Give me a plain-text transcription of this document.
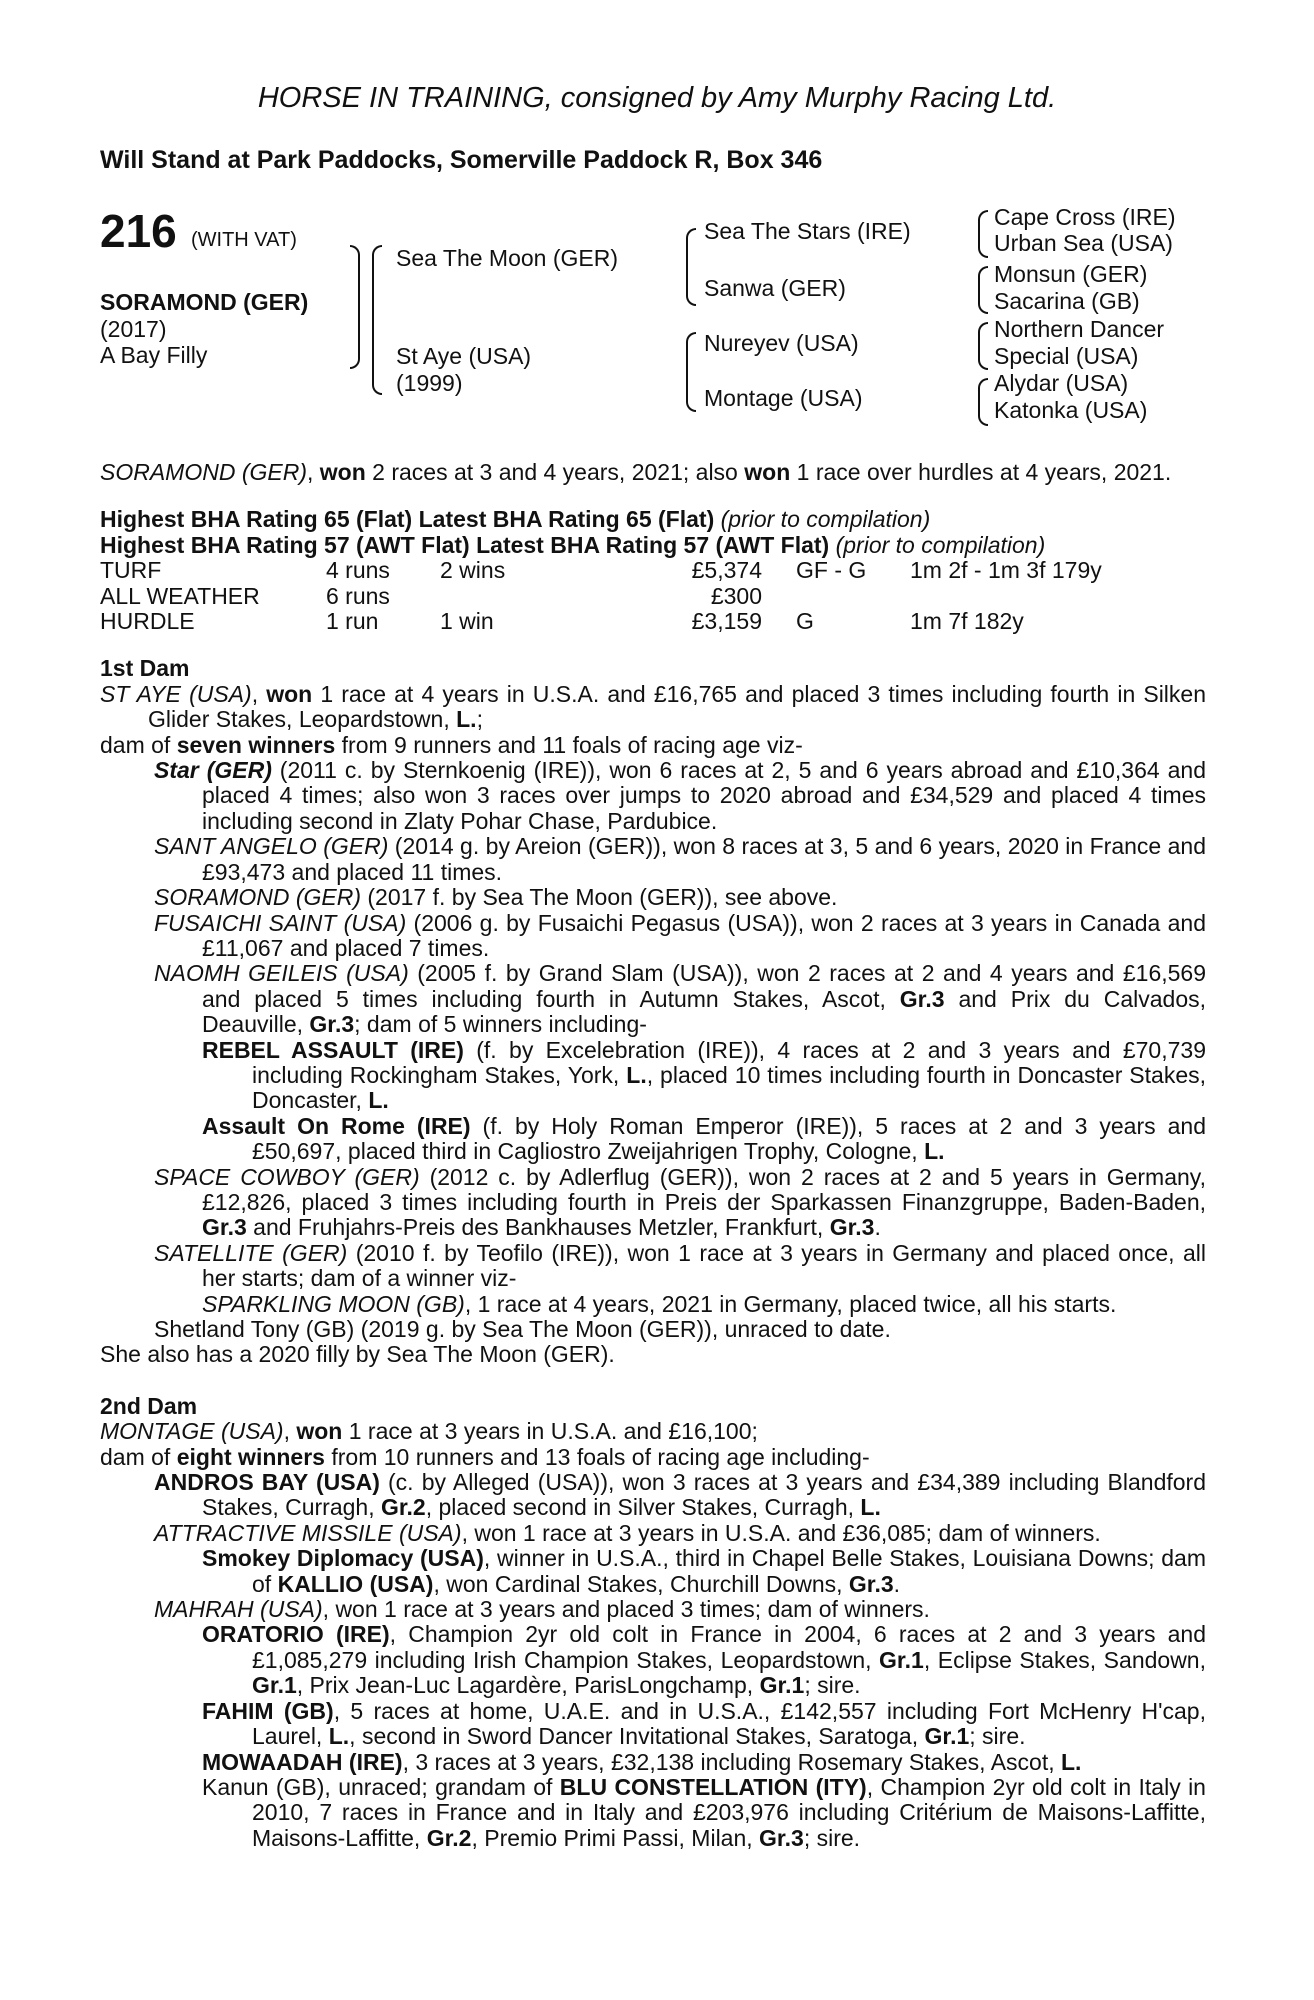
HORSE IN TRAINING, consigned by Amy Murphy Racing Ltd.
Will Stand at Park Paddocks, Somerville Paddock R, Box 346
216 (WITH VAT)
SORAMOND (GER)
(2017)
A Bay Filly
Sea The Moon (GER)
St Aye (USA)
(1999)
Sea The Stars (IRE)
Sanwa (GER)
Nureyev (USA)
Montage (USA)
Cape Cross (IRE)
Urban Sea (USA)
Monsun (GER)
Sacarina (GB)
Northern Dancer
Special (USA)
Alydar (USA)
Katonka (USA)

SORAMOND (GER), won 2 races at 3 and 4 years, 2021; also won 1 race over hurdles at 4 years, 2021.

Highest BHA Rating 65 (Flat) Latest BHA Rating 65 (Flat) (prior to compilation)

Highest BHA Rating 57 (AWT Flat) Latest BHA Rating 57 (AWT Flat) (prior to compilation)

TURF	4 runs	2 wins	£5,374	GF - G	1m 2f - 1m 3f 179y
ALL WEATHER	6 runs		£300		
HURDLE	1 run	1 win	£3,159	G	1m 7f 182y

1st Dam

ST AYE (USA), won 1 race at 4 years in U.S.A. and £16,765 and placed 3 times including fourth in Silken Glider Stakes, Leopardstown, L.;

dam of seven winners from 9 runners and 11 foals of racing age viz-

Star (GER) (2011 c. by Sternkoenig (IRE)), won 6 races at 2, 5 and 6 years abroad and £10,364 and placed 4 times; also won 3 races over jumps to 2020 abroad and £34,529 and placed 4 times including second in Zlaty Pohar Chase, Pardubice.

SANT ANGELO (GER) (2014 g. by Areion (GER)), won 8 races at 3, 5 and 6 years, 2020 in France and £93,473 and placed 11 times.

SORAMOND (GER) (2017 f. by Sea The Moon (GER)), see above.

FUSAICHI SAINT (USA) (2006 g. by Fusaichi Pegasus (USA)), won 2 races at 3 years in Canada and £11,067 and placed 7 times.

NAOMH GEILEIS (USA) (2005 f. by Grand Slam (USA)), won 2 races at 2 and 4 years and £16,569 and placed 5 times including fourth in Autumn Stakes, Ascot, Gr.3 and Prix du Calvados, Deauville, Gr.3; dam of 5 winners including-

REBEL ASSAULT (IRE) (f. by Excelebration (IRE)), 4 races at 2 and 3 years and £70,739 including Rockingham Stakes, York, L., placed 10 times including fourth in Doncaster Stakes, Doncaster, L.

Assault On Rome (IRE) (f. by Holy Roman Emperor (IRE)), 5 races at 2 and 3 years and £50,697, placed third in Cagliostro Zweijahrigen Trophy, Cologne, L.

SPACE COWBOY (GER) (2012 c. by Adlerflug (GER)), won 2 races at 2 and 5 years in Germany, £12,826, placed 3 times including fourth in Preis der Sparkassen Finanzgruppe, Baden-Baden, Gr.3 and Fruhjahrs-Preis des Bankhauses Metzler, Frankfurt, Gr.3.

SATELLITE (GER) (2010 f. by Teofilo (IRE)), won 1 race at 3 years in Germany and placed once, all her starts; dam of a winner viz-

SPARKLING MOON (GB), 1 race at 4 years, 2021 in Germany, placed twice, all his starts.

Shetland Tony (GB) (2019 g. by Sea The Moon (GER)), unraced to date.

She also has a 2020 filly by Sea The Moon (GER).

2nd Dam

MONTAGE (USA), won 1 race at 3 years in U.S.A. and £16,100;

dam of eight winners from 10 runners and 13 foals of racing age including-

ANDROS BAY (USA) (c. by Alleged (USA)), won 3 races at 3 years and £34,389 including Blandford Stakes, Curragh, Gr.2, placed second in Silver Stakes, Curragh, L.

ATTRACTIVE MISSILE (USA), won 1 race at 3 years in U.S.A. and £36,085; dam of winners.

Smokey Diplomacy (USA), winner in U.S.A., third in Chapel Belle Stakes, Louisiana Downs; dam of KALLIO (USA), won Cardinal Stakes, Churchill Downs, Gr.3.

MAHRAH (USA), won 1 race at 3 years and placed 3 times; dam of winners.

ORATORIO (IRE), Champion 2yr old colt in France in 2004, 6 races at 2 and 3 years and £1,085,279 including Irish Champion Stakes, Leopardstown, Gr.1, Eclipse Stakes, Sandown, Gr.1, Prix Jean-Luc Lagardère, ParisLongchamp, Gr.1; sire.

FAHIM (GB), 5 races at home, U.A.E. and in U.S.A., £142,557 including Fort McHenry H'cap, Laurel, L., second in Sword Dancer Invitational Stakes, Saratoga, Gr.1; sire.

MOWAADAH (IRE), 3 races at 3 years, £32,138 including Rosemary Stakes, Ascot, L.

Kanun (GB), unraced; grandam of BLU CONSTELLATION (ITY), Champion 2yr old colt in Italy in 2010, 7 races in France and in Italy and £203,976 including Critérium de Maisons-Laffitte, Maisons-Laffitte, Gr.2, Premio Primi Passi, Milan, Gr.3; sire.
